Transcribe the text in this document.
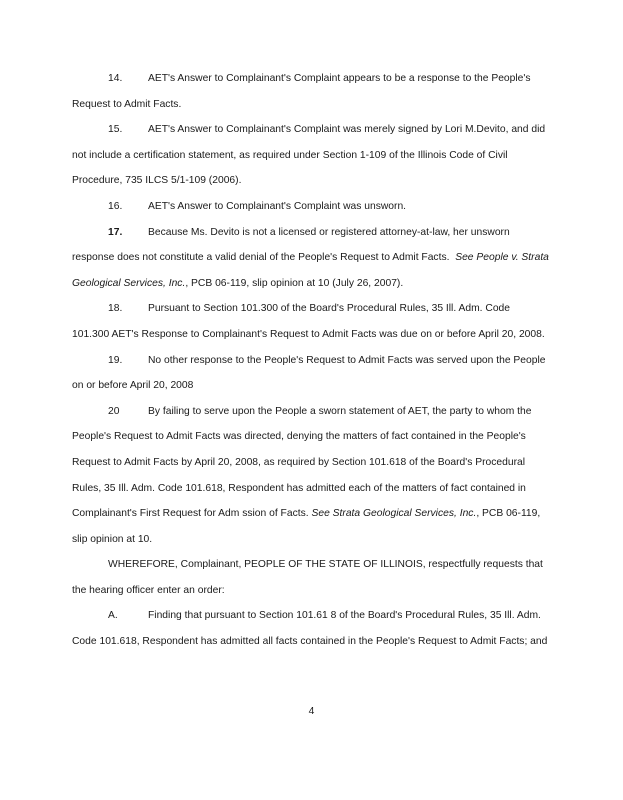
14. AET's Answer to Complainant's Complaint appears to be a response to the People's Request to Admit Facts.

15. AET's Answer to Complainant's Complaint was merely signed by Lori M.Devito, and did not include a certification statement, as required under Section 1-109 of the Illinois Code of Civil Procedure, 735 ILCS 5/1-109 (2006).

16. AET's Answer to Complainant's Complaint was unsworn.

17. Because Ms. Devito is not a licensed or registered attorney-at-law, her unsworn response does not constitute a valid denial of the People's Request to Admit Facts. See People v. Strata Geological Services, Inc., PCB 06-119, slip opinion at 10 (July 26, 2007).

18. Pursuant to Section 101.300 of the Board's Procedural Rules, 35 Ill. Adm. Code 101.300 AET's Response to Complainant's Request to Admit Facts was due on or before April 20, 2008.

19. No other response to the People's Request to Admit Facts was served upon the People on or before April 20, 2008

20	By failing to serve upon the People a sworn statement of AET, the party to whom the People's Request to Admit Facts was directed, denying the matters of fact contained in the People's Request to Admit Facts by April 20, 2008, as required by Section 101.618 of the Board's Procedural Rules, 35 Ill. Adm. Code 101.618, Respondent has admitted each of the matters of fact contained in Complainant's First Request for Adm ssion of Facts. See Strata Geological Services, Inc., PCB 06-119, slip opinion at 10.

WHEREFORE, Complainant, PEOPLE OF THE STATE OF ILLINOIS, respectfully requests that the hearing officer enter an order:

A.	Finding that pursuant to Section 101.61 8 of the Board's Procedural Rules, 35 Ill. Adm. Code 101.618, Respondent has admitted all facts contained in the People's Request to Admit Facts; and

4
